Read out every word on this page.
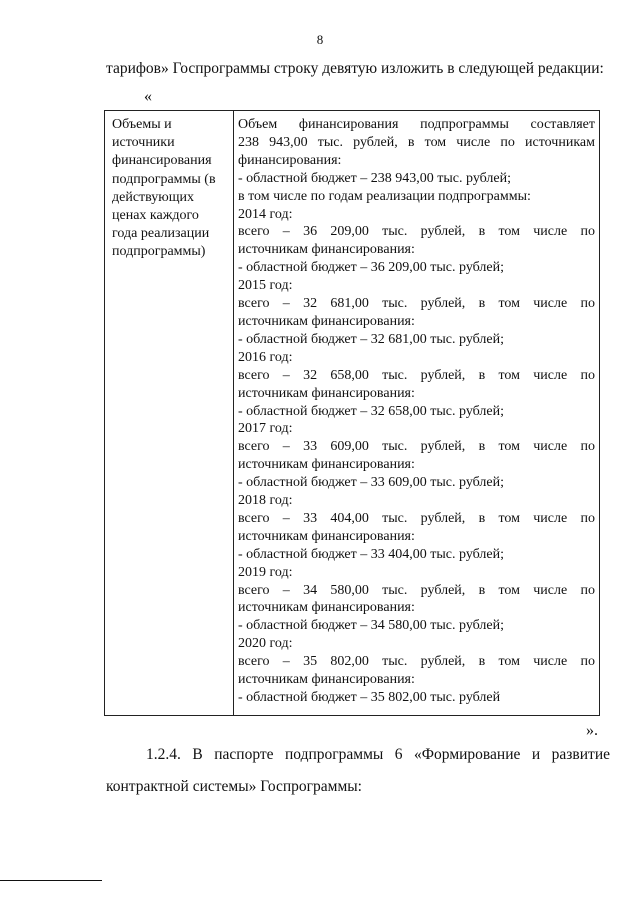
8
тарифов» Госпрограммы строку девятую изложить в следующей редакции:
«
Объемы и
источники
финансирования
подпрограммы (в
действующих
ценах каждого
года реализации
подпрограммы)
Объем финансирования подпрограммы составляет
238 943,00 тыс. рублей, в том числе по источникам
финансирования:
- областной бюджет – 238 943,00 тыс. рублей;
в том числе по годам реализации подпрограммы:
2014 год:
всего – 36 209,00 тыс. рублей, в том числе по
источникам финансирования:
- областной бюджет – 36 209,00 тыс. рублей;
2015 год:
всего – 32 681,00 тыс. рублей, в том числе по
источникам финансирования:
- областной бюджет – 32 681,00 тыс. рублей;
2016 год:
всего – 32 658,00 тыс. рублей, в том числе по
источникам финансирования:
- областной бюджет – 32 658,00 тыс. рублей;
2017 год:
всего – 33 609,00 тыс. рублей, в том числе по
источникам финансирования:
- областной бюджет – 33 609,00 тыс. рублей;
2018 год:
всего – 33 404,00 тыс. рублей, в том числе по
источникам финансирования:
- областной бюджет – 33 404,00 тыс. рублей;
2019 год:
всего – 34 580,00 тыс. рублей, в том числе по
источникам финансирования:
- областной бюджет – 34 580,00 тыс. рублей;
2020 год:
всего – 35 802,00 тыс. рублей, в том числе по
источникам финансирования:
- областной бюджет – 35 802,00 тыс. рублей
».
1.2.4. В паспорте подпрограммы 6 «Формирование и развитие
контрактной системы» Госпрограммы:
